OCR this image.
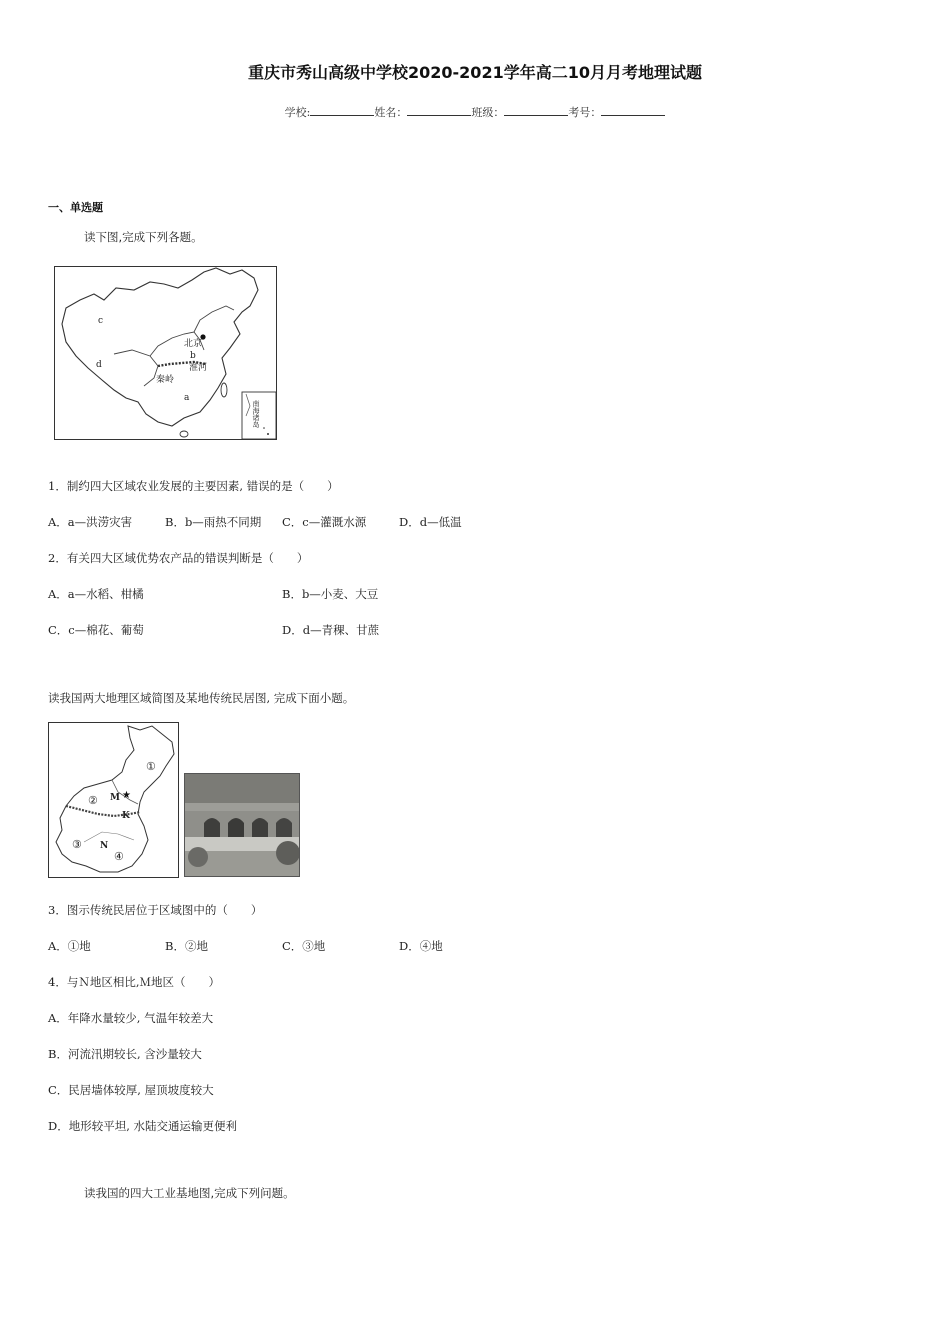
重庆市秀山高级中学校2020-2021学年高二10月月考地理试题
学校:	姓名：	班级：	考号：
一、单选题
读下图,完成下列各题。
c
d
b
a
北京
淮河
秦岭
南海诸岛
1．制约四大区域农业发展的主要因素, 错误的是（　　）
A．a—洪涝灾害	B．b—雨热不同期 C．c—灌溉水源	D．d—低温
2．有关四大区域优势农产品的错误判断是（　　）
A．a—水稻、柑橘	B．b—小麦、大豆
C．c—棉花、葡萄	D．d—青稞、甘蔗
读我国两大地理区域简图及某地传统民居图, 完成下面小题。
★
①
②
③
④
M
K
N
3．图示传统民居位于区域图中的（　　）
A．①地	B．②地	C．③地	D．④地
4．与Ｎ地区相比,Ｍ地区（　　）
A．年降水量较少, 气温年较差大
B．河流汛期较长, 含沙量较大
C．民居墙体较厚, 屋顶坡度较大
D．地形较平坦, 水陆交通运输更便利
读我国的四大工业基地图,完成下列问题。
